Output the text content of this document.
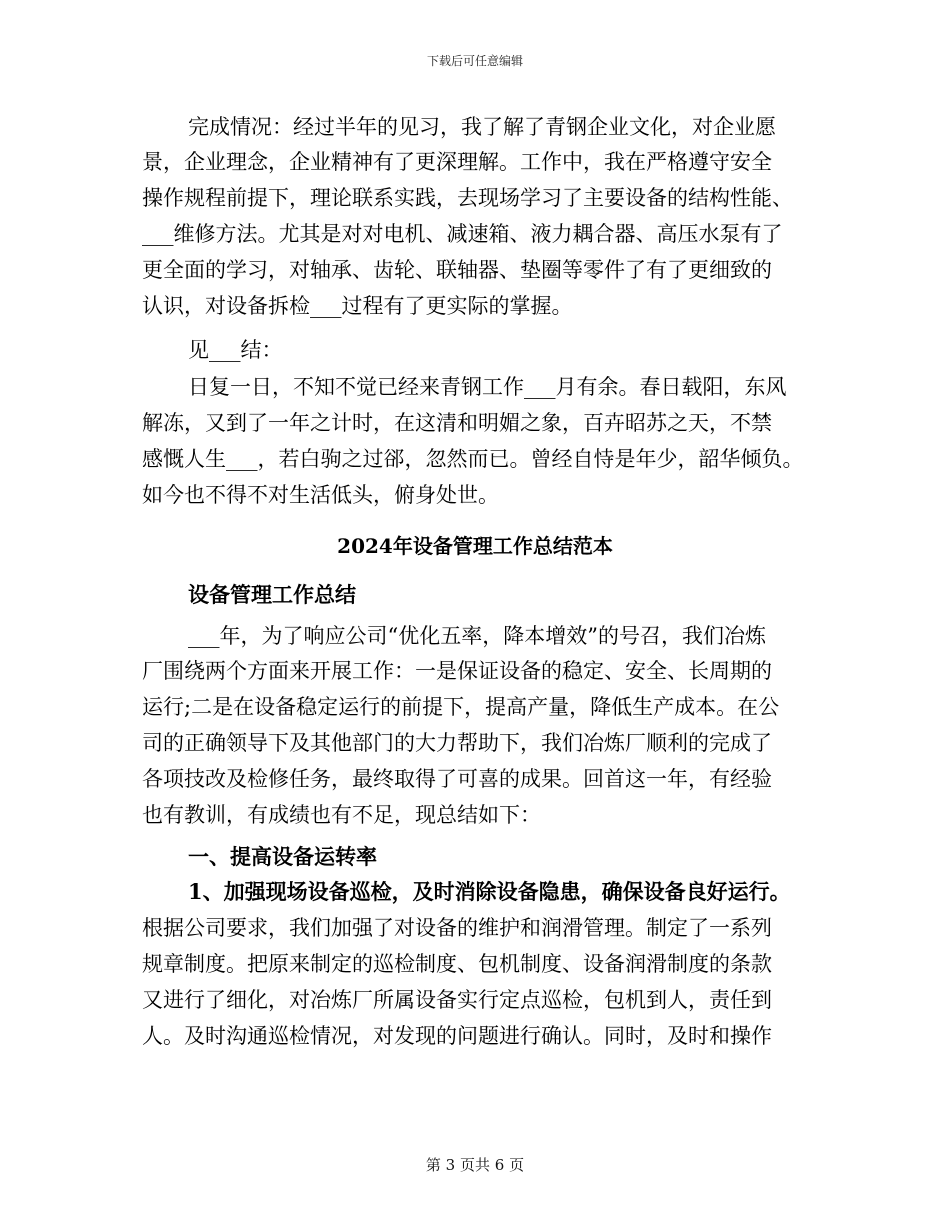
下载后可任意编辑
完成情况：经过半年的见习，我了解了青钢企业文化，对企业愿
景，企业理念，企业精神有了更深理解。工作中，我在严格遵守安全
操作规程前提下，理论联系实践，去现场学习了主要设备的结构性能、
___维修方法。尤其是对对电机、减速箱、液力耦合器、高压水泵有了
更全面的学习，对轴承、齿轮、联轴器、垫圈等零件了有了更细致的
认识，对设备拆检___过程有了更实际的掌握。
见___结：
日复一日，不知不觉已经来青钢工作___月有余。春日载阳，东风
解冻，又到了一年之计时，在这清和明媚之象，百卉昭苏之天，不禁
感慨人生___，若白驹之过郤，忽然而已。曾经自恃是年少，韶华倾负。
如今也不得不对生活低头，俯身处世。
2024年设备管理工作总结范本
设备管理工作总结
___年，为了响应公司“优化五率，降本增效”的号召，我们冶炼
厂围绕两个方面来开展工作：一是保证设备的稳定、安全、长周期的
运行;二是在设备稳定运行的前提下，提高产量，降低生产成本。在公
司的正确领导下及其他部门的大力帮助下，我们冶炼厂顺利的完成了
各项技改及检修任务，最终取得了可喜的成果。回首这一年，有经验
也有教训，有成绩也有不足，现总结如下：
一、提高设备运转率
1、加强现场设备巡检，及时消除设备隐患，确保设备良好运行。
根据公司要求，我们加强了对设备的维护和润滑管理。制定了一系列
规章制度。把原来制定的巡检制度、包机制度、设备润滑制度的条款
又进行了细化，对冶炼厂所属设备实行定点巡检，包机到人，责任到
人。及时沟通巡检情况，对发现的问题进行确认。同时，及时和操作
第 3 页共 6 页
